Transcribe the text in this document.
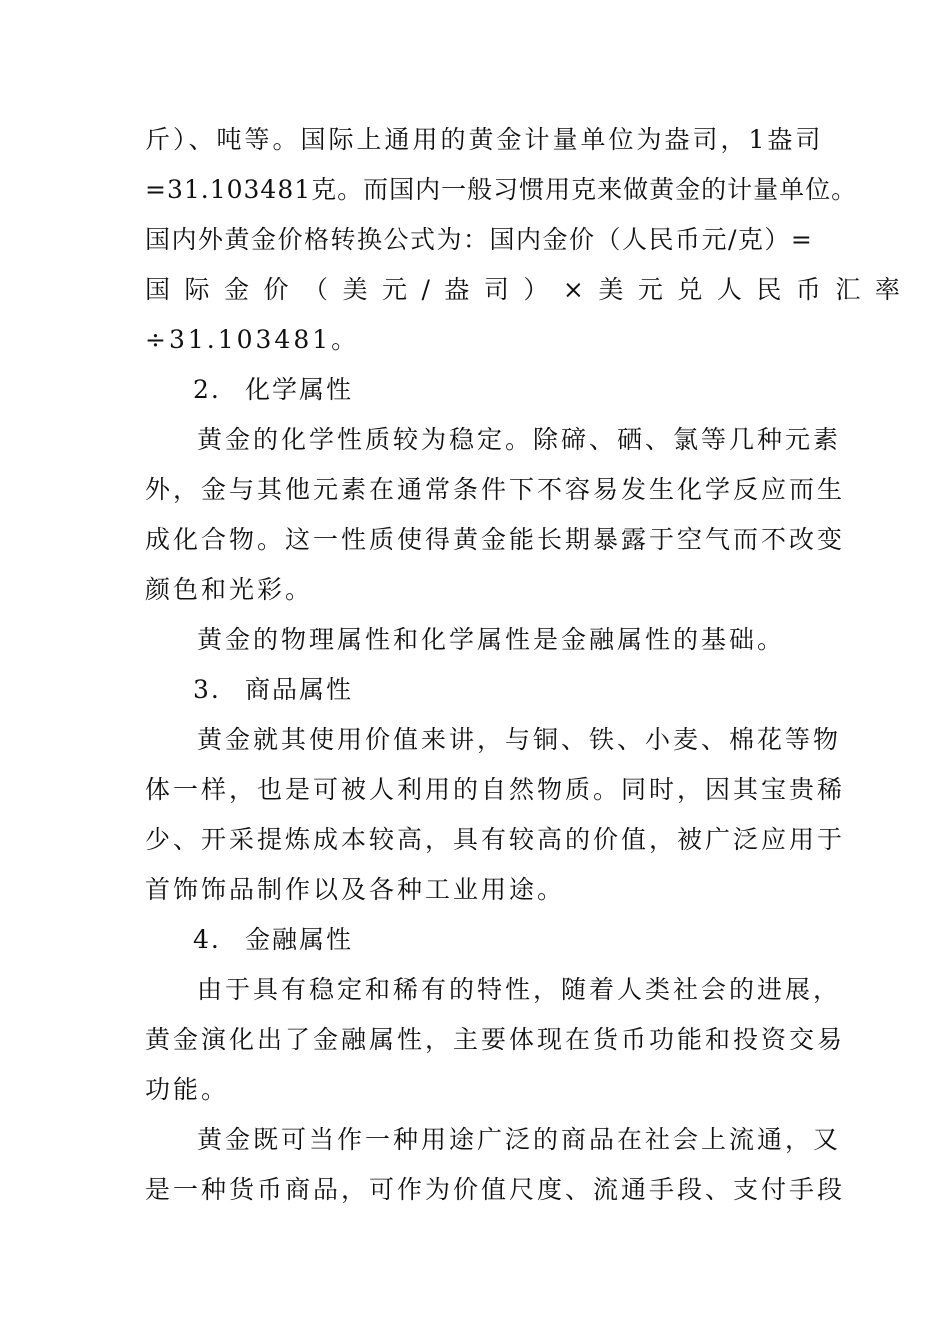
斤）、吨等。国际上通用的黄金计量单位为盎司，1盎司

=31.103481克。而国内一般习惯用克来做黄金的计量单位。

国内外黄金价格转换公式为：国内金价（人民币元/克）=

国际金价（美元/盎司）×美元兑人民币汇率

÷31.103481。

2. 化学属性

黄金的化学性质较为稳定。除碲、硒、氯等几种元素

外，金与其他元素在通常条件下不容易发生化学反应而生

成化合物。这一性质使得黄金能长期暴露于空气而不改变

颜色和光彩。

黄金的物理属性和化学属性是金融属性的基础。

3. 商品属性

黄金就其使用价值来讲，与铜、铁、小麦、棉花等物

体一样，也是可被人利用的自然物质。同时，因其宝贵稀

少、开采提炼成本较高，具有较高的价值，被广泛应用于

首饰饰品制作以及各种工业用途。

4. 金融属性

由于具有稳定和稀有的特性，随着人类社会的进展，

黄金演化出了金融属性，主要体现在货币功能和投资交易

功能。

黄金既可当作一种用途广泛的商品在社会上流通，又

是一种货币商品，可作为价值尺度、流通手段、支付手段
